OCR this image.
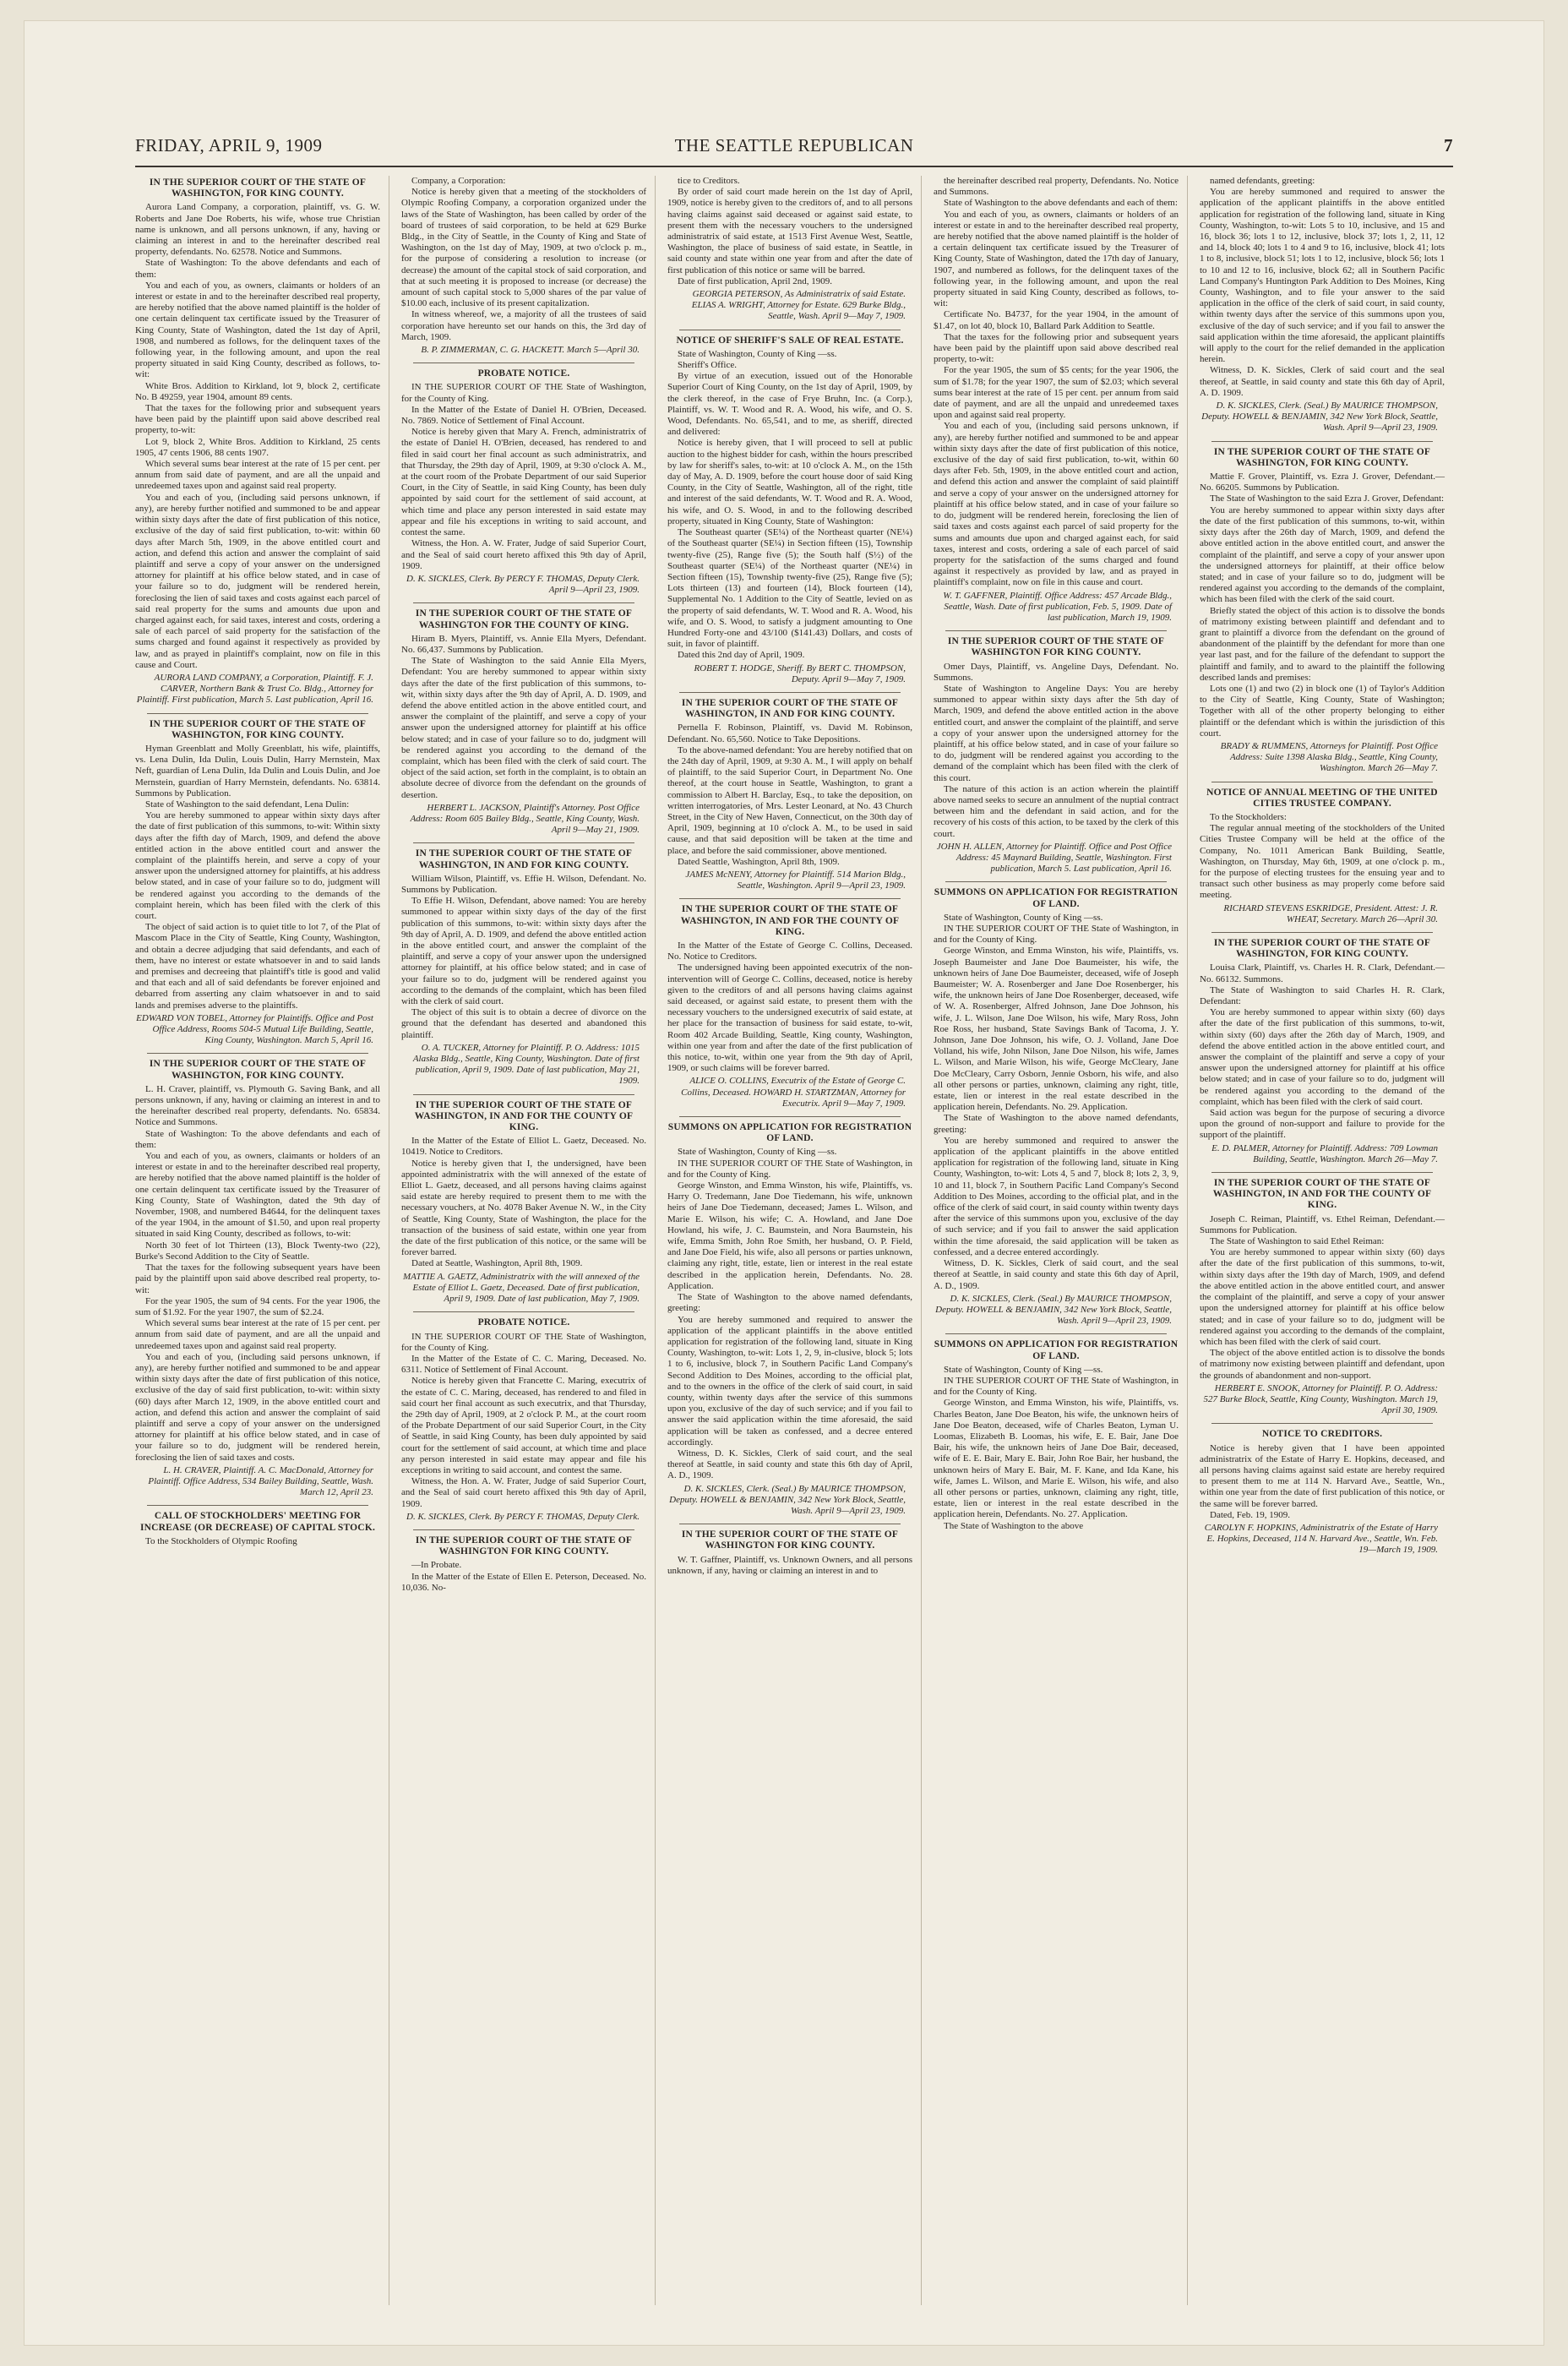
FRIDAY, APRIL 9, 1909	THE SEATTLE REPUBLICAN	7
IN THE SUPERIOR COURT OF THE STATE OF WASHINGTON, FOR KING COUNTY.

Aurora Land Company, a corporation, plaintiff, vs. G. W. Roberts and Jane Doe Roberts, his wife, whose true Christian name is unknown, and all persons unknown, if any, having or claiming an interest in and to the hereinafter described real property, defendants. No. 62578. Notice and Summons.

State of Washington: To the above defendants and each of them:

You and each of you, as owners, claimants or holders of an interest or estate in and to the hereinafter described real property, are hereby notified that the above named plaintiff is the holder of one certain delinquent tax certificate issued by the Treasurer of King County, State of Washington, dated the 1st day of April, 1908, and numbered as follows, for the delinquent taxes of the following year, in the following amount, and upon the real property situated in said King County, described as follows, to-wit:

White Bros. Addition to Kirkland, lot 9, block 2, certificate No. B 49259, year 1904, amount 89 cents.

That the taxes for the following prior and subsequent years have been paid by the plaintiff upon said above described real property, to-wit:

Lot 9, block 2, White Bros. Addition to Kirkland, 25 cents 1905, 47 cents 1906, 88 cents 1907.

Which several sums bear interest at the rate of 15 per cent. per annum from said date of payment, and are all the unpaid and unredeemed taxes upon and against said real property.

You and each of you, (including said persons unknown, if any), are hereby further notified and summoned to be and appear within sixty days after the date of first publication of this notice, exclusive of the day of said first publication, to-wit: within 60 days after March 5th, 1909, in the above entitled court and action, and defend this action and answer the complaint of said plaintiff and serve a copy of your answer on the undersigned attorney for plaintiff at his office below stated, and in case of your failure so to do, judgment will be rendered herein, foreclosing the lien of said taxes and costs against each parcel of said real property for the sums and amounts due upon and charged against each, for said taxes, interest and costs, ordering a sale of each parcel of said property for the satisfaction of the sums charged and found against it respectively as provided by law, and as prayed in plaintiff's complaint, now on file in this cause and Court.

AURORA LAND COMPANY, a Corporation, Plaintiff. F. J. CARVER, Northern Bank & Trust Co. Bldg., Attorney for Plaintiff. First publication, March 5. Last publication, April 16.
IN THE SUPERIOR COURT OF THE STATE OF WASHINGTON, FOR KING COUNTY.

Hyman Greenblatt and Molly Greenblatt, his wife, plaintiffs, vs. Lena Dulin, Ida Dulin, Louis Dulin, Harry Mernstein, Max Neft, guardian of Lena Dulin, Ida Dulin and Louis Dulin, and Joe Mernstein, guardian of Harry Mernstein, defendants. No. 63814. Summons by Publication.

State of Washington to the said defendant, Lena Dulin:

You are hereby summoned to appear within sixty days after the date of first publication of this summons, to-wit: Within sixty days after the fifth day of March, 1909, and defend the above entitled action in the above entitled court and answer the complaint of the plaintiffs herein, and serve a copy of your answer upon the undersigned attorney for plaintiffs, at his address below stated, and in case of your failure so to do, judgment will be rendered against you according to the demands of the complaint herein, which has been filed with the clerk of this court.

The object of said action is to quiet title to lot 7, of the Plat of Mascom Place in the City of Seattle, King County, Washington, and obtain a decree adjudging that said defendants, and each of them, have no interest or estate whatsoever in and to said lands and premises and decreeing that plaintiff's title is good and valid and that each and all of said defendants be forever enjoined and debarred from asserting any claim whatsoever in and to said lands and premises adverse to the plaintiffs.

EDWARD VON TOBEL, Attorney for Plaintiffs. Office and Post Office Address, Rooms 504-5 Mutual Life Building, Seattle, King County, Washington. March 5, April 16.
IN THE SUPERIOR COURT OF THE STATE OF WASHINGTON, FOR KING COUNTY.

L. H. Craver, plaintiff, vs. Plymouth G. Saving Bank, and all persons unknown, if any, having or claiming an interest in and to the hereinafter described real property, defendants. No. 65834. Notice and Summons.

State of Washington: To the above defendants and each of them:

You and each of you, as owners, claimants or holders of an interest or estate in and to the hereinafter described real property, are hereby notified that the above named plaintiff is the holder of one certain delinquent tax certificate issued by the Treasurer of King County, State of Washington, dated the 9th day of November, 1908, and numbered B4644, for the delinquent taxes of the year 1904, in the amount of $1.50, and upon real property situated in said King County, described as follows, to-wit:

North 30 feet of lot Thirteen (13), Block Twenty-two (22), Burke's Second Addition to the City of Seattle.

That the taxes for the following subsequent years have been paid by the plaintiff upon said above described real property, to-wit:

For the year 1905, the sum of 94 cents. For the year 1906, the sum of $1.92. For the year 1907, the sum of $2.24.

Which several sums bear interest at the rate of 15 per cent. per annum from said date of payment, and are all the unpaid and unredeemed taxes upon and against said real property.

You and each of you, (including said persons unknown, if any), are hereby further notified and summoned to be and appear within sixty days after the date of first publication of this notice, exclusive of the day of said first publication, to-wit: within sixty (60) days after March 12, 1909, in the above entitled court and action, and defend this action and answer the complaint of said plaintiff and serve a copy of your answer on the undersigned attorney for plaintiff at his office below stated, and in case of your failure so to do, judgment will be rendered herein, foreclosing the lien of said taxes and costs.

L. H. CRAVER, Plaintiff. A. C. MacDonald, Attorney for Plaintiff. Office Address, 534 Bailey Building, Seattle, Wash. March 12, April 23.
CALL OF STOCKHOLDERS' MEETING FOR INCREASE (OR DECREASE) OF CAPITAL STOCK.

To the Stockholders of Olympic Roofing

Company, a Corporation:

Notice is hereby given that a meeting of the stockholders of Olympic Roofing Company, a corporation organized under the laws of the State of Washington, has been called by order of the board of trustees of said corporation, to be held at 629 Burke Bldg., in the City of Seattle, in the County of King and State of Washington, on the 1st day of May, 1909, at two o'clock p. m., for the purpose of considering a resolution to increase (or decrease) the amount of the capital stock of said corporation, and that at such meeting it is proposed to increase (or decrease) the amount of such capital stock to 5,000 shares of the par value of $10.00 each, inclusive of its present capitalization.

In witness whereof, we, a majority of all the trustees of said corporation have hereunto set our hands on this, the 3rd day of March, 1909.

B. P. ZIMMERMAN, C. G. HACKETT. March 5—April 30.
PROBATE NOTICE.

IN THE SUPERIOR COURT OF THE State of Washington, for the County of King.

In the Matter of the Estate of Daniel H. O'Brien, Deceased. No. 7869. Notice of Settlement of Final Account.

Notice is hereby given that Mary A. French, administratrix of the estate of Daniel H. O'Brien, deceased, has rendered to and filed in said court her final account as such administratrix, and that Thursday, the 29th day of April, 1909, at 9:30 o'clock A. M., at the court room of the Probate Department of our said Superior Court, in the City of Seattle, in said King County, has been duly appointed by said court for the settlement of said account, at which time and place any person interested in said estate may appear and file his exceptions in writing to said account, and contest the same.

Witness, the Hon. A. W. Frater, Judge of said Superior Court, and the Seal of said court hereto affixed this 9th day of April, 1909.

D. K. SICKLES, Clerk. By PERCY F. THOMAS, Deputy Clerk. April 9—April 23, 1909.
IN THE SUPERIOR COURT OF THE STATE OF WASHINGTON FOR THE COUNTY OF KING.

Hiram B. Myers, Plaintiff, vs. Annie Ella Myers, Defendant. No. 66,437. Summons by Publication.

The State of Washington to the said Annie Ella Myers, Defendant: You are hereby summoned to appear within sixty days after the date of the first publication of this summons, to-wit, within sixty days after the 9th day of April, A. D. 1909, and defend the above entitled action in the above entitled court, and answer the complaint of the plaintiff, and serve a copy of your answer upon the undersigned attorney for plaintiff at his office below stated; and in case of your failure so to do, judgment will be rendered against you according to the demand of the complaint, which has been filed with the clerk of said court. The object of the said action, set forth in the complaint, is to obtain an absolute decree of divorce from the defendant on the grounds of desertion.

HERBERT L. JACKSON, Plaintiff's Attorney. Post Office Address: Room 605 Bailey Bldg., Seattle, King County, Wash. April 9—May 21, 1909.
IN THE SUPERIOR COURT OF THE STATE OF WASHINGTON, IN AND FOR KING COUNTY.

William Wilson, Plaintiff, vs. Effie H. Wilson, Defendant. No. Summons by Publication.

To Effie H. Wilson, Defendant, above named: You are hereby summoned to appear within sixty days of the day of the first publication of this summons, to-wit: within sixty days after the 9th day of April, A. D. 1909, and defend the above entitled action in the above entitled court, and answer the complaint of the plaintiff, and serve a copy of your answer upon the undersigned attorney for plaintiff, at his office below stated; and in case of your failure so to do, judgment will be rendered against you according to the demands of the complaint, which has been filed with the clerk of said court.

The object of this suit is to obtain a decree of divorce on the ground that the defendant has deserted and abandoned this plaintiff.

O. A. TUCKER, Attorney for Plaintiff. P. O. Address: 1015 Alaska Bldg., Seattle, King County, Washington. Date of first publication, April 9, 1909. Date of last publication, May 21, 1909.
IN THE SUPERIOR COURT OF THE STATE OF WASHINGTON, IN AND FOR THE COUNTY OF KING.

In the Matter of the Estate of Elliot L. Gaetz, Deceased. No. 10419. Notice to Creditors.

Notice is hereby given that I, the undersigned, have been appointed administratrix with the will annexed of the estate of Elliot L. Gaetz, deceased, and all persons having claims against said estate are hereby required to present them to me with the necessary vouchers, at No. 4078 Baker Avenue N. W., in the City of Seattle, King County, State of Washington, the place for the transaction of the business of said estate, within one year from the date of the first publication of this notice, or the same will be forever barred.

Dated at Seattle, Washington, April 8th, 1909.

MATTIE A. GAETZ, Administratrix with the will annexed of the Estate of Elliot L. Gaetz, Deceased. Date of first publication, April 9, 1909. Date of last publication, May 7, 1909.
PROBATE NOTICE.

IN THE SUPERIOR COURT OF THE State of Washington, for the County of King.

In the Matter of the Estate of C. C. Maring, Deceased. No. 6311. Notice of Settlement of Final Account.

Notice is hereby given that Francette C. Maring, executrix of the estate of C. C. Maring, deceased, has rendered to and filed in said court her final account as such executrix, and that Thursday, the 29th day of April, 1909, at 2 o'clock P. M., at the court room of the Probate Department of our said Superior Court, in the City of Seattle, in said King County, has been duly appointed by said court for the settlement of said account, at which time and place any person interested in said estate may appear and file his exceptions in writing to said account, and contest the same.

Witness, the Hon. A. W. Frater, Judge of said Superior Court, and the Seal of said court hereto affixed this 9th day of April, 1909.

D. K. SICKLES, Clerk. By PERCY F. THOMAS, Deputy Clerk.
IN THE SUPERIOR COURT OF THE STATE OF WASHINGTON FOR KING COUNTY.

—In Probate.

In the Matter of the Estate of Ellen E. Peterson, Deceased. No. 10,036. No-

tice to Creditors.

By order of said court made herein on the 1st day of April, 1909, notice is hereby given to the creditors of, and to all persons having claims against said deceased or against said estate, to present them with the necessary vouchers to the undersigned administratrix of said estate, at 1513 First Avenue West, Seattle, Washington, the place of business of said estate, in Seattle, in said county and state within one year from and after the date of first publication of this notice or same will be barred.

Date of first publication, April 2nd, 1909.

GEORGIA PETERSON, As Administratrix of said Estate. ELIAS A. WRIGHT, Attorney for Estate. 629 Burke Bldg., Seattle, Wash. April 9—May 7, 1909.
NOTICE OF SHERIFF'S SALE OF REAL ESTATE.

State of Washington, County of King —ss.

Sheriff's Office.

By virtue of an execution, issued out of the Honorable Superior Court of King County, on the 1st day of April, 1909, by the clerk thereof, in the case of Frye Bruhn, Inc. (a Corp.), Plaintiff, vs. W. T. Wood and R. A. Wood, his wife, and O. S. Wood, Defendants. No. 65,541, and to me, as sheriff, directed and delivered:

Notice is hereby given, that I will proceed to sell at public auction to the highest bidder for cash, within the hours prescribed by law for sheriff's sales, to-wit: at 10 o'clock A. M., on the 15th day of May, A. D. 1909, before the court house door of said King County, in the City of Seattle, Washington, all of the right, title and interest of the said defendants, W. T. Wood and R. A. Wood, his wife, and O. S. Wood, in and to the following described property, situated in King County, State of Washington:

The Southeast quarter (SE¼) of the Northeast quarter (NE¼) of the Southeast quarter (SE¼) in Section fifteen (15), Township twenty-five (25), Range five (5); the South half (S½) of the Southeast quarter (SE¼) of the Northeast quarter (NE¼) in Section fifteen (15), Township twenty-five (25), Range five (5); Lots thirteen (13) and fourteen (14), Block fourteen (14), Supplemental No. 1 Addition to the City of Seattle, levied on as the property of said defendants, W. T. Wood and R. A. Wood, his wife, and O. S. Wood, to satisfy a judgment amounting to One Hundred Forty-one and 43/100 ($141.43) Dollars, and costs of suit, in favor of plaintiff.

Dated this 2nd day of April, 1909.

ROBERT T. HODGE, Sheriff. By BERT C. THOMPSON, Deputy. April 9—May 7, 1909.
IN THE SUPERIOR COURT OF THE STATE OF WASHINGTON, IN AND FOR KING COUNTY.

Pernella F. Robinson, Plaintiff, vs. David M. Robinson, Defendant. No. 65,560. Notice to Take Depositions.

To the above-named defendant: You are hereby notified that on the 24th day of April, 1909, at 9:30 A. M., I will apply on behalf of plaintiff, to the said Superior Court, in Department No. One thereof, at the court house in Seattle, Washington, to grant a commission to Albert H. Barclay, Esq., to take the deposition, on written interrogatories, of Mrs. Lester Leonard, at No. 43 Church Street, in the City of New Haven, Connecticut, on the 30th day of April, 1909, beginning at 10 o'clock A. M., to be used in said cause, and that said deposition will be taken at the time and place, and before the said commissioner, above mentioned.

Dated Seattle, Washington, April 8th, 1909.

JAMES McNENY, Attorney for Plaintiff. 514 Marion Bldg., Seattle, Washington. April 9—April 23, 1909.
IN THE SUPERIOR COURT OF THE STATE OF WASHINGTON, IN AND FOR THE COUNTY OF KING.

In the Matter of the Estate of George C. Collins, Deceased. No. Notice to Creditors.

The undersigned having been appointed executrix of the non-intervention will of George C. Collins, deceased, notice is hereby given to the creditors of and all persons having claims against said deceased, or against said estate, to present them with the necessary vouchers to the undersigned executrix of said estate, at her place for the transaction of business for said estate, to-wit, Room 402 Arcade Building, Seattle, King county, Washington, within one year from and after the date of the first publication of this notice, to-wit, within one year from the 9th day of April, 1909, or such claims will be forever barred.

ALICE O. COLLINS, Executrix of the Estate of George C. Collins, Deceased. HOWARD H. STARTZMAN, Attorney for Executrix. April 9—May 7, 1909.
SUMMONS ON APPLICATION FOR REGISTRATION OF LAND.

State of Washington, County of King —ss.

IN THE SUPERIOR COURT OF THE State of Washington, in and for the County of King.

George Winston, and Emma Winston, his wife, Plaintiffs, vs. Harry O. Tredemann, Jane Doe Tiedemann, his wife, unknown heirs of Jane Doe Tiedemann, deceased; James L. Wilson, and Marie E. Wilson, his wife; C. A. Howland, and Jane Doe Howland, his wife, J. C. Baumstein, and Nora Baumstein, his wife, Emma Smith, John Roe Smith, her husband, O. P. Field, and Jane Doe Field, his wife, also all persons or parties unknown, claiming any right, title, estate, lien or interest in the real estate described in the application herein, Defendants. No. 28. Application.

The State of Washington to the above named defendants, greeting:

You are hereby summoned and required to answer the application of the applicant plaintiffs in the above entitled application for registration of the following land, situate in King County, Washington, to-wit: Lots 1, 2, 9, in-clusive, block 5; lots 1 to 6, inclusive, block 7, in Southern Pacific Land Company's Second Addition to Des Moines, according to the official plat, and to the owners in the office of the clerk of said court, in said county, within twenty days after the service of this summons upon you, exclusive of the day of such service; and if you fail to answer the said application within the time aforesaid, the said application will be taken as confessed, and a decree entered accordingly.

Witness, D. K. Sickles, Clerk of said court, and the seal thereof at Seattle, in said county and state this 6th day of April, A. D., 1909.

D. K. SICKLES, Clerk. (Seal.) By MAURICE THOMPSON, Deputy. HOWELL & BENJAMIN, 342 New York Block, Seattle, Wash. April 9—April 23, 1909.
IN THE SUPERIOR COURT OF THE STATE OF WASHINGTON FOR KING COUNTY.

W. T. Gaffner, Plaintiff, vs. Unknown Owners, and all persons unknown, if any, having or claiming an interest in and to

the hereinafter described real property, Defendants. No. Notice and Summons.

State of Washington to the above defendants and each of them:

You and each of you, as owners, claimants or holders of an interest or estate in and to the hereinafter described real property, are hereby notified that the above named plaintiff is the holder of a certain delinquent tax certificate issued by the Treasurer of King County, State of Washington, dated the 17th day of January, 1907, and numbered as follows, for the delinquent taxes of the following year, in the following amount, and upon the real property situated in said King County, described as follows, to-wit:

Certificate No. B4737, for the year 1904, in the amount of $1.47, on lot 40, block 10, Ballard Park Addition to Seattle.

That the taxes for the following prior and subsequent years have been paid by the plaintiff upon said above described real property, to-wit:

For the year 1905, the sum of $5 cents; for the year 1906, the sum of $1.78; for the year 1907, the sum of $2.03; which several sums bear interest at the rate of 15 per cent. per annum from said date of payment, and are all the unpaid and unredeemed taxes upon and against said real property.

You and each of you, (including said persons unknown, if any), are hereby further notified and summoned to be and appear within sixty days after the date of first publication of this notice, exclusive of the day of said first publication, to-wit, within 60 days after Feb. 5th, 1909, in the above entitled court and action, and defend this action and answer the complaint of said plaintiff and serve a copy of your answer on the undersigned attorney for plaintiff at his office below stated, and in case of your failure so to do, judgment will be rendered herein, foreclosing the lien of said taxes and costs against each parcel of said property for the sums and amounts due upon and charged against each, for said taxes, interest and costs, ordering a sale of each parcel of said property for the satisfaction of the sums charged and found against it respectively as provided by law, and as prayed in plaintiff's complaint, now on file in this cause and court.

W. T. GAFFNER, Plaintiff. Office Address: 457 Arcade Bldg., Seattle, Wash. Date of first publication, Feb. 5, 1909. Date of last publication, March 19, 1909.
IN THE SUPERIOR COURT OF THE STATE OF WASHINGTON FOR KING COUNTY.

Omer Days, Plaintiff, vs. Angeline Days, Defendant. No. Summons.

State of Washington to Angeline Days: You are hereby summoned to appear within sixty days after the 5th day of March, 1909, and defend the above entitled action in the above entitled court, and answer the complaint of the plaintiff, and serve a copy of your answer upon the undersigned attorney for the plaintiff, at his office below stated, and in case of your failure so to do, judgment will be rendered against you according to the demand of the complaint which has been filed with the clerk of this court.

The nature of this action is an action wherein the plaintiff above named seeks to secure an annulment of the nuptial contract between him and the defendant in said action, and for the recovery of his costs of this action, to be taxed by the clerk of this court.

JOHN H. ALLEN, Attorney for Plaintiff. Office and Post Office Address: 45 Maynard Building, Seattle, Washington. First publication, March 5. Last publication, April 16.
SUMMONS ON APPLICATION FOR REGISTRATION OF LAND.

State of Washington, County of King —ss.

IN THE SUPERIOR COURT OF THE State of Washington, in and for the County of King.

George Winston, and Emma Winston, his wife, Plaintiffs, vs. Joseph Baumeister and Jane Doe Baumeister, his wife, the unknown heirs of Jane Doe Baumeister, deceased, wife of Joseph Baumeister; W. A. Rosenberger and Jane Doe Rosenberger, his wife, the unknown heirs of Jane Doe Rosenberger, deceased, wife of W. A. Rosenberger, Alfred Johnson, Jane Doe Johnson, his wife, J. L. Wilson, Jane Doe Wilson, his wife, Mary Ross, John Roe Ross, her husband, State Savings Bank of Tacoma, J. Y. Johnson, Jane Doe Johnson, his wife, O. J. Volland, Jane Doe Volland, his wife, John Nilson, Jane Doe Nilson, his wife, James L. Wilson, and Marie Wilson, his wife, George McCleary, Jane Doe McCleary, Carry Osborn, Jennie Osborn, his wife, and also all other persons or parties, unknown, claiming any right, title, estate, lien or interest in the real estate described in the application herein, Defendants. No. 29. Application.

The State of Washington to the above named defendants, greeting:

You are hereby summoned and required to answer the application of the applicant plaintiffs in the above entitled application for registration of the following land, situate in King County, Washington, to-wit: Lots 4, 5 and 7, block 8; lots 2, 3, 9, 10 and 11, block 7, in Southern Pacific Land Company's Second Addition to Des Moines, according to the official plat, and in the office of the clerk of said court, in said county within twenty days after the service of this summons upon you, exclusive of the day of such service; and if you fail to answer the said application within the time aforesaid, the said application will be taken as confessed, and a decree entered accordingly.

Witness, D. K. Sickles, Clerk of said court, and the seal thereof at Seattle, in said county and state this 6th day of April, A. D., 1909.

D. K. SICKLES, Clerk. (Seal.) By MAURICE THOMPSON, Deputy. HOWELL & BENJAMIN, 342 New York Block, Seattle, Wash. April 9—April 23, 1909.
SUMMONS ON APPLICATION FOR REGISTRATION OF LAND.

State of Washington, County of King —ss.

IN THE SUPERIOR COURT OF THE State of Washington, in and for the County of King.

George Winston, and Emma Winston, his wife, Plaintiffs, vs. Charles Beaton, Jane Doe Beaton, his wife, the unknown heirs of Jane Doe Beaton, deceased, wife of Charles Beaton, Lyman U. Loomas, Elizabeth B. Loomas, his wife, E. E. Bair, Jane Doe Bair, his wife, the unknown heirs of Jane Doe Bair, deceased, wife of E. E. Bair, Mary E. Bair, John Roe Bair, her husband, the unknown heirs of Mary E. Bair, M. F. Kane, and Ida Kane, his wife, James L. Wilson, and Marie E. Wilson, his wife, and also all other persons or parties, unknown, claiming any right, title, estate, lien or interest in the real estate described in the application herein, Defendants. No. 27. Application.

The State of Washington to the above

named defendants, greeting:

You are hereby summoned and required to answer the application of the applicant plaintiffs in the above entitled application for registration of the following land, situate in King County, Washington, to-wit: Lots 5 to 10, inclusive, and 15 and 16, block 36; lots 1 to 12, inclusive, block 37; lots 1, 2, 11, 12 and 14, block 40; lots 1 to 4 and 9 to 16, inclusive, block 41; lots 1 to 8, inclusive, block 51; lots 1 to 12, inclusive, block 56; lots 1 to 10 and 12 to 16, inclusive, block 62; all in Southern Pacific Land Company's Huntington Park Addition to Des Moines, King County, Washington, and to file your answer to the said application in the office of the clerk of said court, in said county, within twenty days after the service of this summons upon you, exclusive of the day of such service; and if you fail to answer the said application within the time aforesaid, the applicant plaintiffs will apply to the court for the relief demanded in the application herein.

Witness, D. K. Sickles, Clerk of said court and the seal thereof, at Seattle, in said county and state this 6th day of April, A. D. 1909.

D. K. SICKLES, Clerk. (Seal.) By MAURICE THOMPSON, Deputy. HOWELL & BENJAMIN, 342 New York Block, Seattle, Wash. April 9—April 23, 1909.
IN THE SUPERIOR COURT OF THE STATE OF WASHINGTON, FOR KING COUNTY.

Mattie F. Grover, Plaintiff, vs. Ezra J. Grover, Defendant.—No. 66205. Summons by Publication.

The State of Washington to the said Ezra J. Grover, Defendant:

You are hereby summoned to appear within sixty days after the date of the first publication of this summons, to-wit, within sixty days after the 26th day of March, 1909, and defend the above entitled action in the above entitled court, and answer the complaint of the plaintiff, and serve a copy of your answer upon the undersigned attorneys for plaintiff, at their office below stated; and in case of your failure so to do, judgment will be rendered against you according to the demands of the complaint, which has been filed with the clerk of the said court.

Briefly stated the object of this action is to dissolve the bonds of matrimony existing between plaintiff and defendant and to grant to plaintiff a divorce from the defendant on the ground of abandonment of the plaintiff by the defendant for more than one year last past, and for the failure of the defendant to support the plaintiff and family, and to award to the plaintiff the following described lands and premises:

Lots one (1) and two (2) in block one (1) of Taylor's Addition to the City of Seattle, King County, State of Washington; Together with all of the other property belonging to either plaintiff or the defendant which is within the jurisdiction of this court.

BRADY & RUMMENS, Attorneys for Plaintiff. Post Office Address: Suite 1398 Alaska Bldg., Seattle, King County, Washington. March 26—May 7.
NOTICE OF ANNUAL MEETING OF THE UNITED CITIES TRUSTEE COMPANY.

To the Stockholders:

The regular annual meeting of the stockholders of the United Cities Trustee Company will be held at the office of the Company, No. 1011 American Bank Building, Seattle, Washington, on Thursday, May 6th, 1909, at one o'clock p. m., for the purpose of electing trustees for the ensuing year and to transact such other business as may properly come before said meeting.

RICHARD STEVENS ESKRIDGE, President. Attest: J. R. WHEAT, Secretary. March 26—April 30.
IN THE SUPERIOR COURT OF THE STATE OF WASHINGTON, FOR KING COUNTY.

Louisa Clark, Plaintiff, vs. Charles H. R. Clark, Defendant.—No. 66132. Summons.

The State of Washington to said Charles H. R. Clark, Defendant:

You are hereby summoned to appear within sixty (60) days after the date of the first publication of this summons, to-wit, within sixty (60) days after the 26th day of March, 1909, and defend the above entitled action in the above entitled court, and answer the complaint of the plaintiff and serve a copy of your answer upon the undersigned attorney for plaintiff at his office below stated; and in case of your failure so to do, judgment will be rendered against you according to the demand of the complaint, which has been filed with the clerk of said court.

Said action was begun for the purpose of securing a divorce upon the ground of non-support and failure to provide for the support of the plaintiff.

E. D. PALMER, Attorney for Plaintiff. Address: 709 Lowman Building, Seattle, Washington. March 26—May 7.
IN THE SUPERIOR COURT OF THE STATE OF WASHINGTON, IN AND FOR THE COUNTY OF KING.

Joseph C. Reiman, Plaintiff, vs. Ethel Reiman, Defendant.—Summons for Publication.

The State of Washington to said Ethel Reiman:

You are hereby summoned to appear within sixty (60) days after the date of the first publication of this summons, to-wit, within sixty days after the 19th day of March, 1909, and defend the above entitled action in the above entitled court, and answer the complaint of the plaintiff, and serve a copy of your answer upon the undersigned attorney for plaintiff at his office below stated; and in case of your failure so to do, judgment will be rendered against you according to the demands of the complaint, which has been filed with the clerk of said court.

The object of the above entitled action is to dissolve the bonds of matrimony now existing between plaintiff and defendant, upon the grounds of abandonment and non-support.

HERBERT E. SNOOK, Attorney for Plaintiff. P. O. Address: 527 Burke Block, Seattle, King County, Washington. March 19, April 30, 1909.
NOTICE TO CREDITORS.

Notice is hereby given that I have been appointed administratrix of the Estate of Harry E. Hopkins, deceased, and all persons having claims against said estate are hereby required to present them to me at 114 N. Harvard Ave., Seattle, Wn., within one year from the date of first publication of this notice, or the same will be forever barred.

Dated, Feb. 19, 1909.

CAROLYN F. HOPKINS, Administratrix of the Estate of Harry E. Hopkins, Deceased, 114 N. Harvard Ave., Seattle, Wn. Feb. 19—March 19, 1909.
